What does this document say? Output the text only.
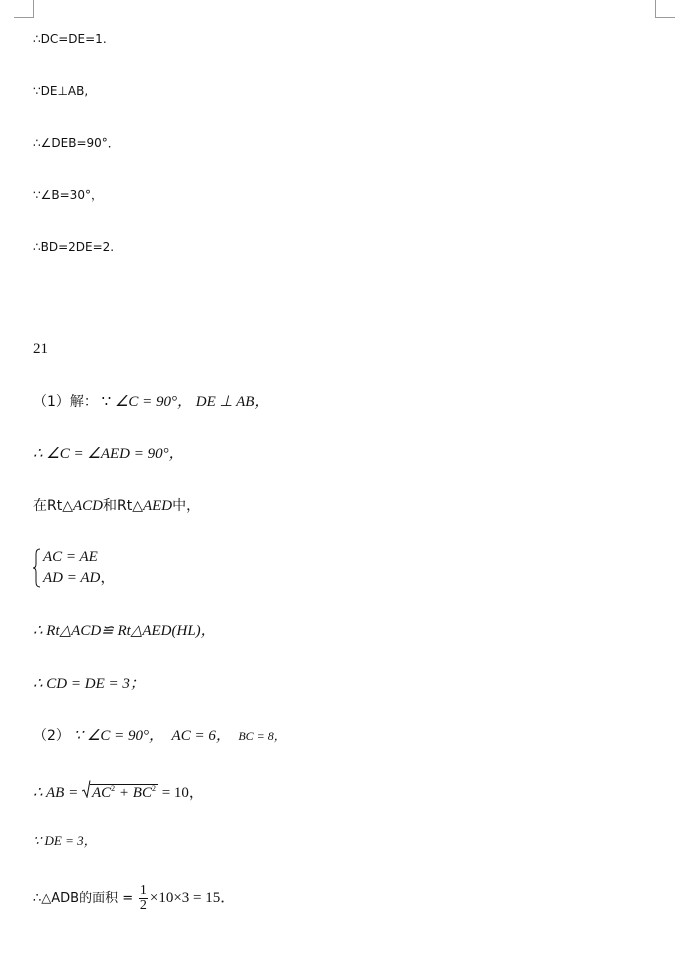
∴DC=DE=1.
∵DE⊥AB,
∴∠DEB=90°．
∵∠B=30°，
∴BD=2DE=2.
21
（1）解： ∵ ∠C = 90°， DE ⊥ AB，
∴ ∠C = ∠AED = 90°，
在Rt△ACD和Rt△AED中，
AC = AE
AD = AD，
∴ Rt△ACD≌ Rt△AED(HL)，
∴ CD = DE = 3；
（2） ∵ ∠C = 90°， AC = 6， BC = 8，
∴ AB = $AC^2 + BC^2 = 10$，
∵ DE = 3，
∴△ADB的面积 = $\frac{1}{2} \times 10\times 3 = 15$．
